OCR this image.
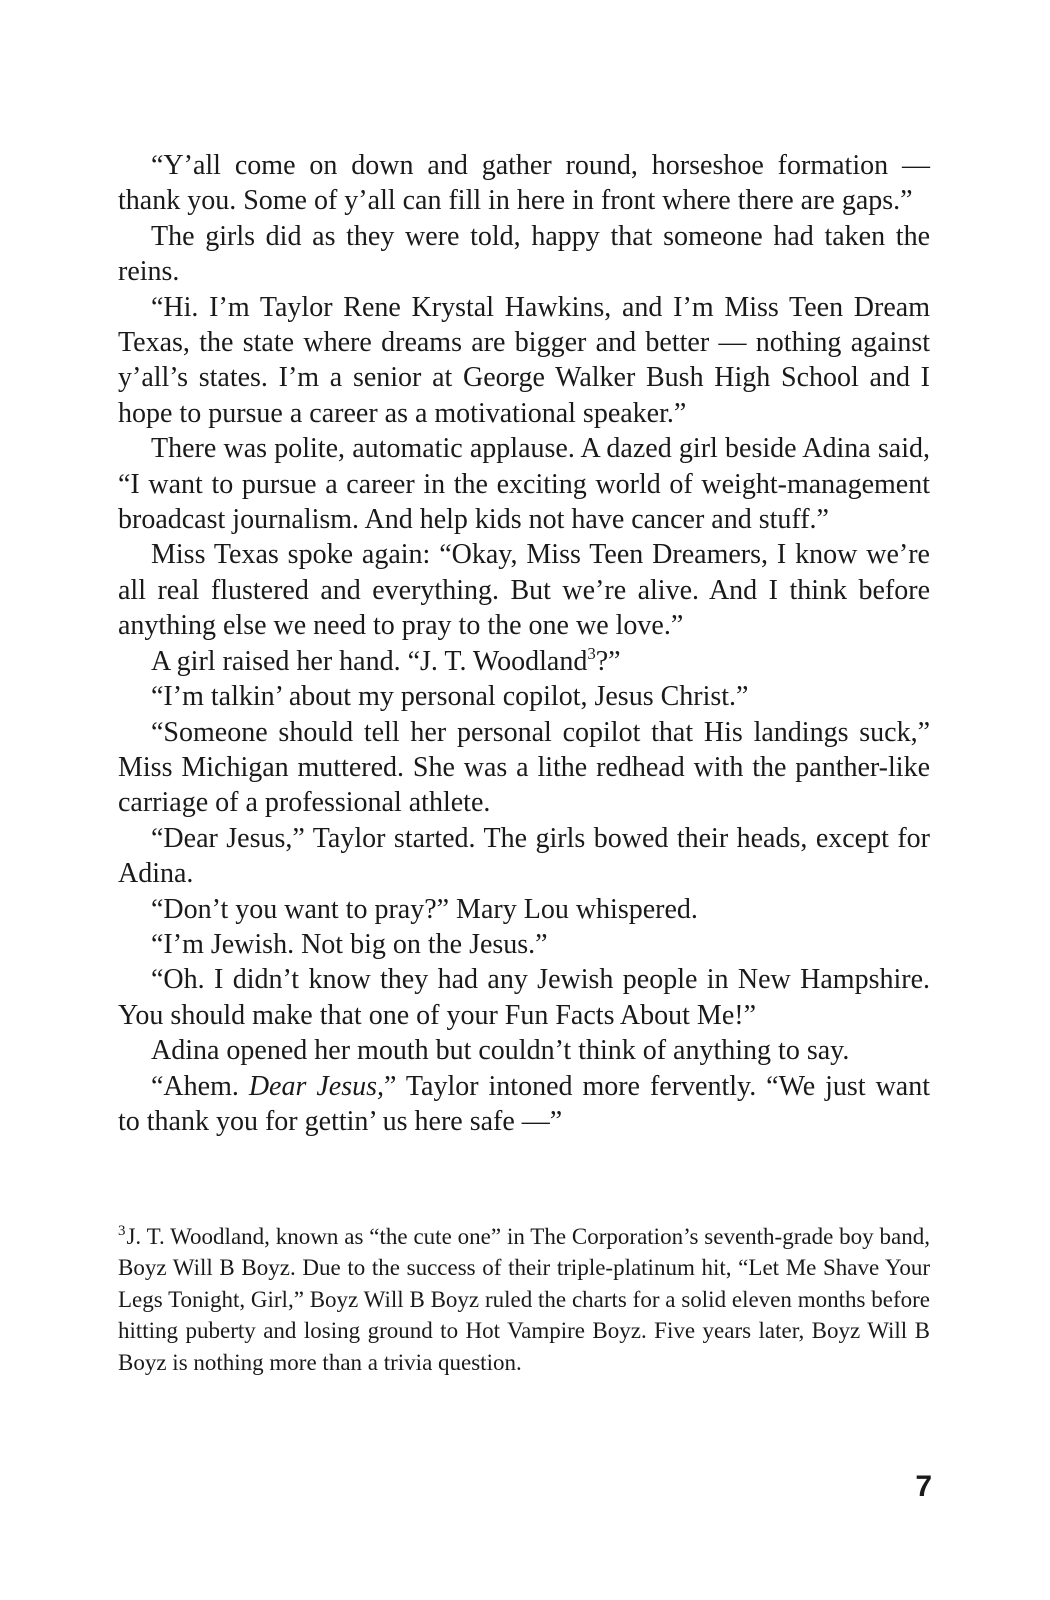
“Y’all come on down and gather round, horseshoe formation — thank you. Some of y’all can fill in here in front where there are gaps.”

The girls did as they were told, happy that someone had taken the reins.

“Hi. I’m Taylor Rene Krystal Hawkins, and I’m Miss Teen Dream Texas, the state where dreams are bigger and better — nothing against y’all’s states. I’m a senior at George Walker Bush High School and I hope to pursue a career as a motivational speaker.”

There was polite, automatic applause. A dazed girl beside Adina said, “I want to pursue a career in the exciting world of weight-management broadcast journalism. And help kids not have cancer and stuff.”

Miss Texas spoke again: “Okay, Miss Teen Dreamers, I know we’re all real flustered and everything. But we’re alive. And I think before anything else we need to pray to the one we love.”

A girl raised her hand. “J. T. Woodland$^3$?”

“I’m talkin’ about my personal copilot, Jesus Christ.”

“Someone should tell her personal copilot that His landings suck,” Miss Michigan muttered. She was a lithe redhead with the panther-like carriage of a professional athlete.

“Dear Jesus,” Taylor started. The girls bowed their heads, except for Adina.

“Don’t you want to pray?” Mary Lou whispered.

“I’m Jewish. Not big on the Jesus.”

“Oh. I didn’t know they had any Jewish people in New Hampshire. You should make that one of your Fun Facts About Me!”

Adina opened her mouth but couldn’t think of anything to say.

“Ahem. Dear Jesus,” Taylor intoned more fervently. “We just want to thank you for gettin’ us here safe —”

$^3$J. T. Woodland, known as “the cute one” in The Corporation’s seventh-grade boy band, Boyz Will B Boyz. Due to the success of their triple-platinum hit, “Let Me Shave Your Legs Tonight, Girl,” Boyz Will B Boyz ruled the charts for a solid eleven months before hitting puberty and losing ground to Hot Vampire Boyz. Five years later, Boyz Will B Boyz is nothing more than a trivia question.

7
